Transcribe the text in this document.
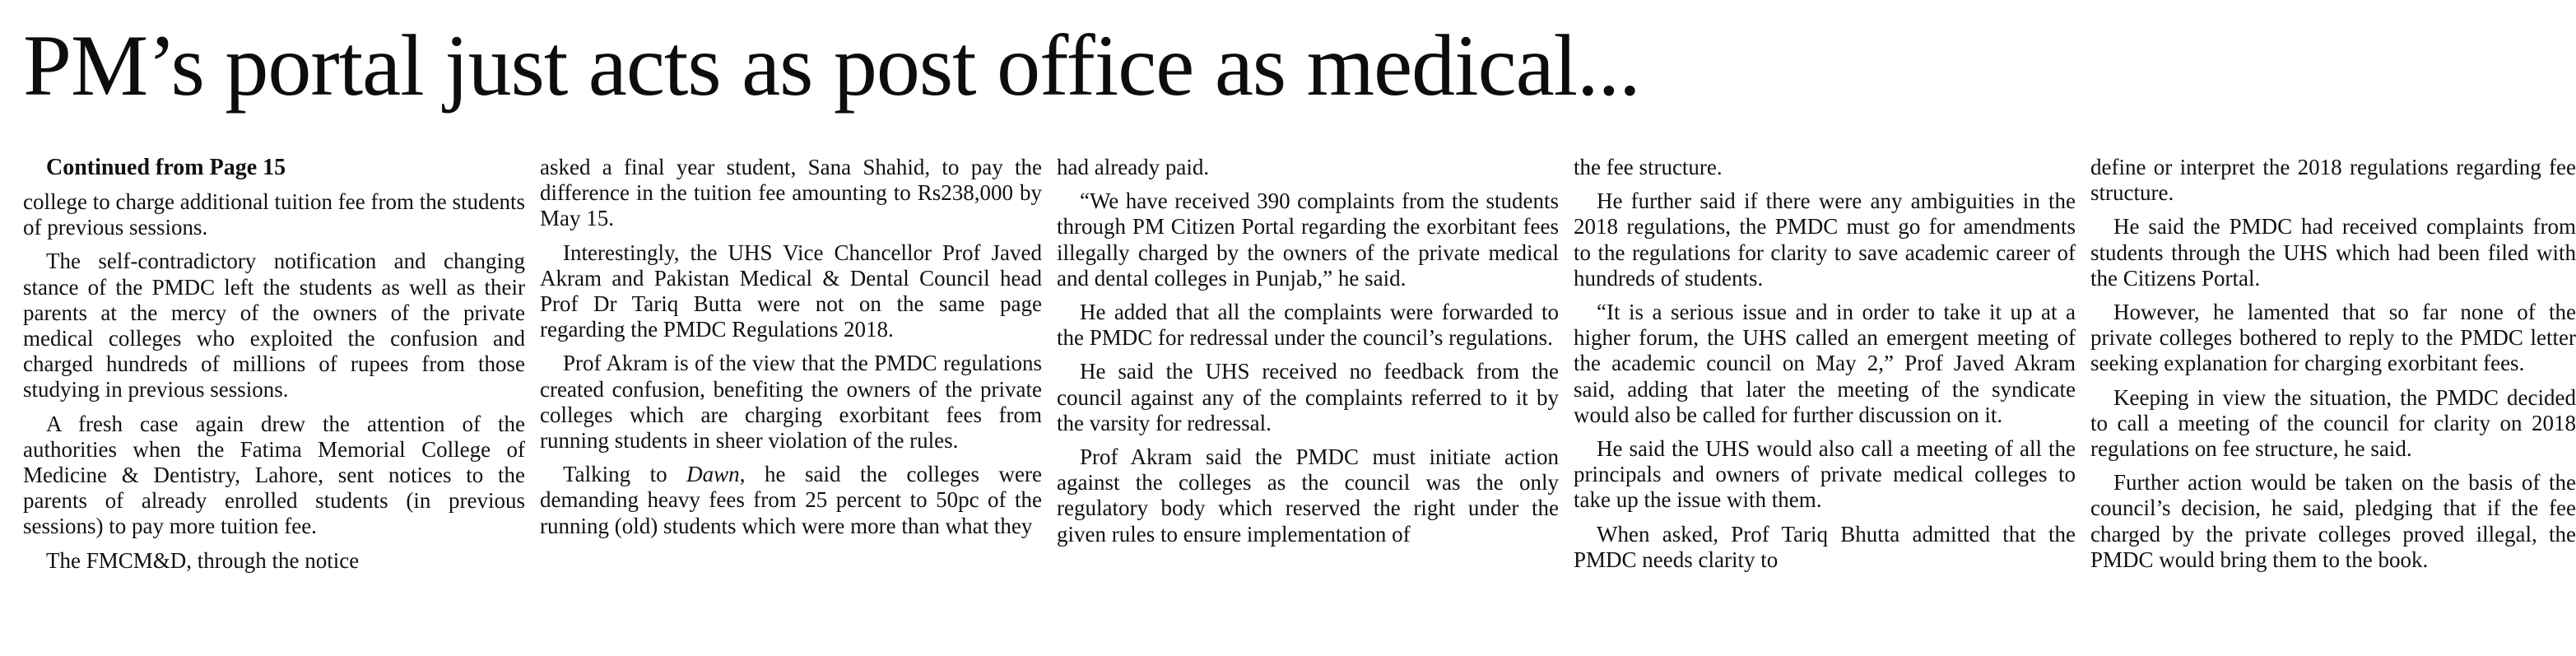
PM’s portal just acts as post office as medical...

Continued from Page 15

college to charge additional tuition fee from the students of previous sessions.

The self-contradictory notification and changing stance of the PMDC left the students as well as their parents at the mercy of the owners of the private medical colleges who exploited the confusion and charged hundreds of millions of rupees from those studying in previous sessions.

A fresh case again drew the attention of the authorities when the Fatima Memorial College of Medicine & Dentistry, Lahore, sent notices to the parents of already enrolled students (in previous sessions) to pay more tuition fee.

The FMCM&D, through the notice

asked a final year student, Sana Shahid, to pay the difference in the tuition fee amounting to Rs238,000 by May 15.

Interestingly, the UHS Vice Chancellor Prof Javed Akram and Pakistan Medical & Dental Council head Prof Dr Tariq Butta were not on the same page regarding the PMDC Regulations 2018.

Prof Akram is of the view that the PMDC regulations created confusion, benefiting the owners of the private colleges which are charging exorbitant fees from running students in sheer violation of the rules.

Talking to Dawn, he said the colleges were demanding heavy fees from 25 percent to 50pc of the running (old) students which were more than what they

had already paid.

“We have received 390 complaints from the students through PM Citizen Portal regarding the exorbitant fees illegally charged by the owners of the private medical and dental colleges in Punjab,” he said.

He added that all the complaints were forwarded to the PMDC for redressal under the council’s regulations.

He said the UHS received no feedback from the council against any of the complaints referred to it by the varsity for redressal.

Prof Akram said the PMDC must initiate action against the colleges as the council was the only regulatory body which reserved the right under the given rules to ensure implementation of

the fee structure.

He further said if there were any ambiguities in the 2018 regulations, the PMDC must go for amendments to the regulations for clarity to save academic career of hundreds of students.

“It is a serious issue and in order to take it up at a higher forum, the UHS called an emergent meeting of the academic council on May 2,” Prof Javed Akram said, adding that later the meeting of the syndicate would also be called for further discussion on it.

He said the UHS would also call a meeting of all the principals and owners of private medical colleges to take up the issue with them.

When asked, Prof Tariq Bhutta admitted that the PMDC needs clarity to

define or interpret the 2018 regulations regarding fee structure.

He said the PMDC had received complaints from students through the UHS which had been filed with the Citizens Portal.

However, he lamented that so far none of the private colleges bothered to reply to the PMDC letter seeking explanation for charging exorbitant fees.

Keeping in view the situation, the PMDC decided to call a meeting of the council for clarity on 2018 regulations on fee structure, he said.

Further action would be taken on the basis of the council’s decision, he said, pledging that if the fee charged by the private colleges proved illegal, the PMDC would bring them to the book.
